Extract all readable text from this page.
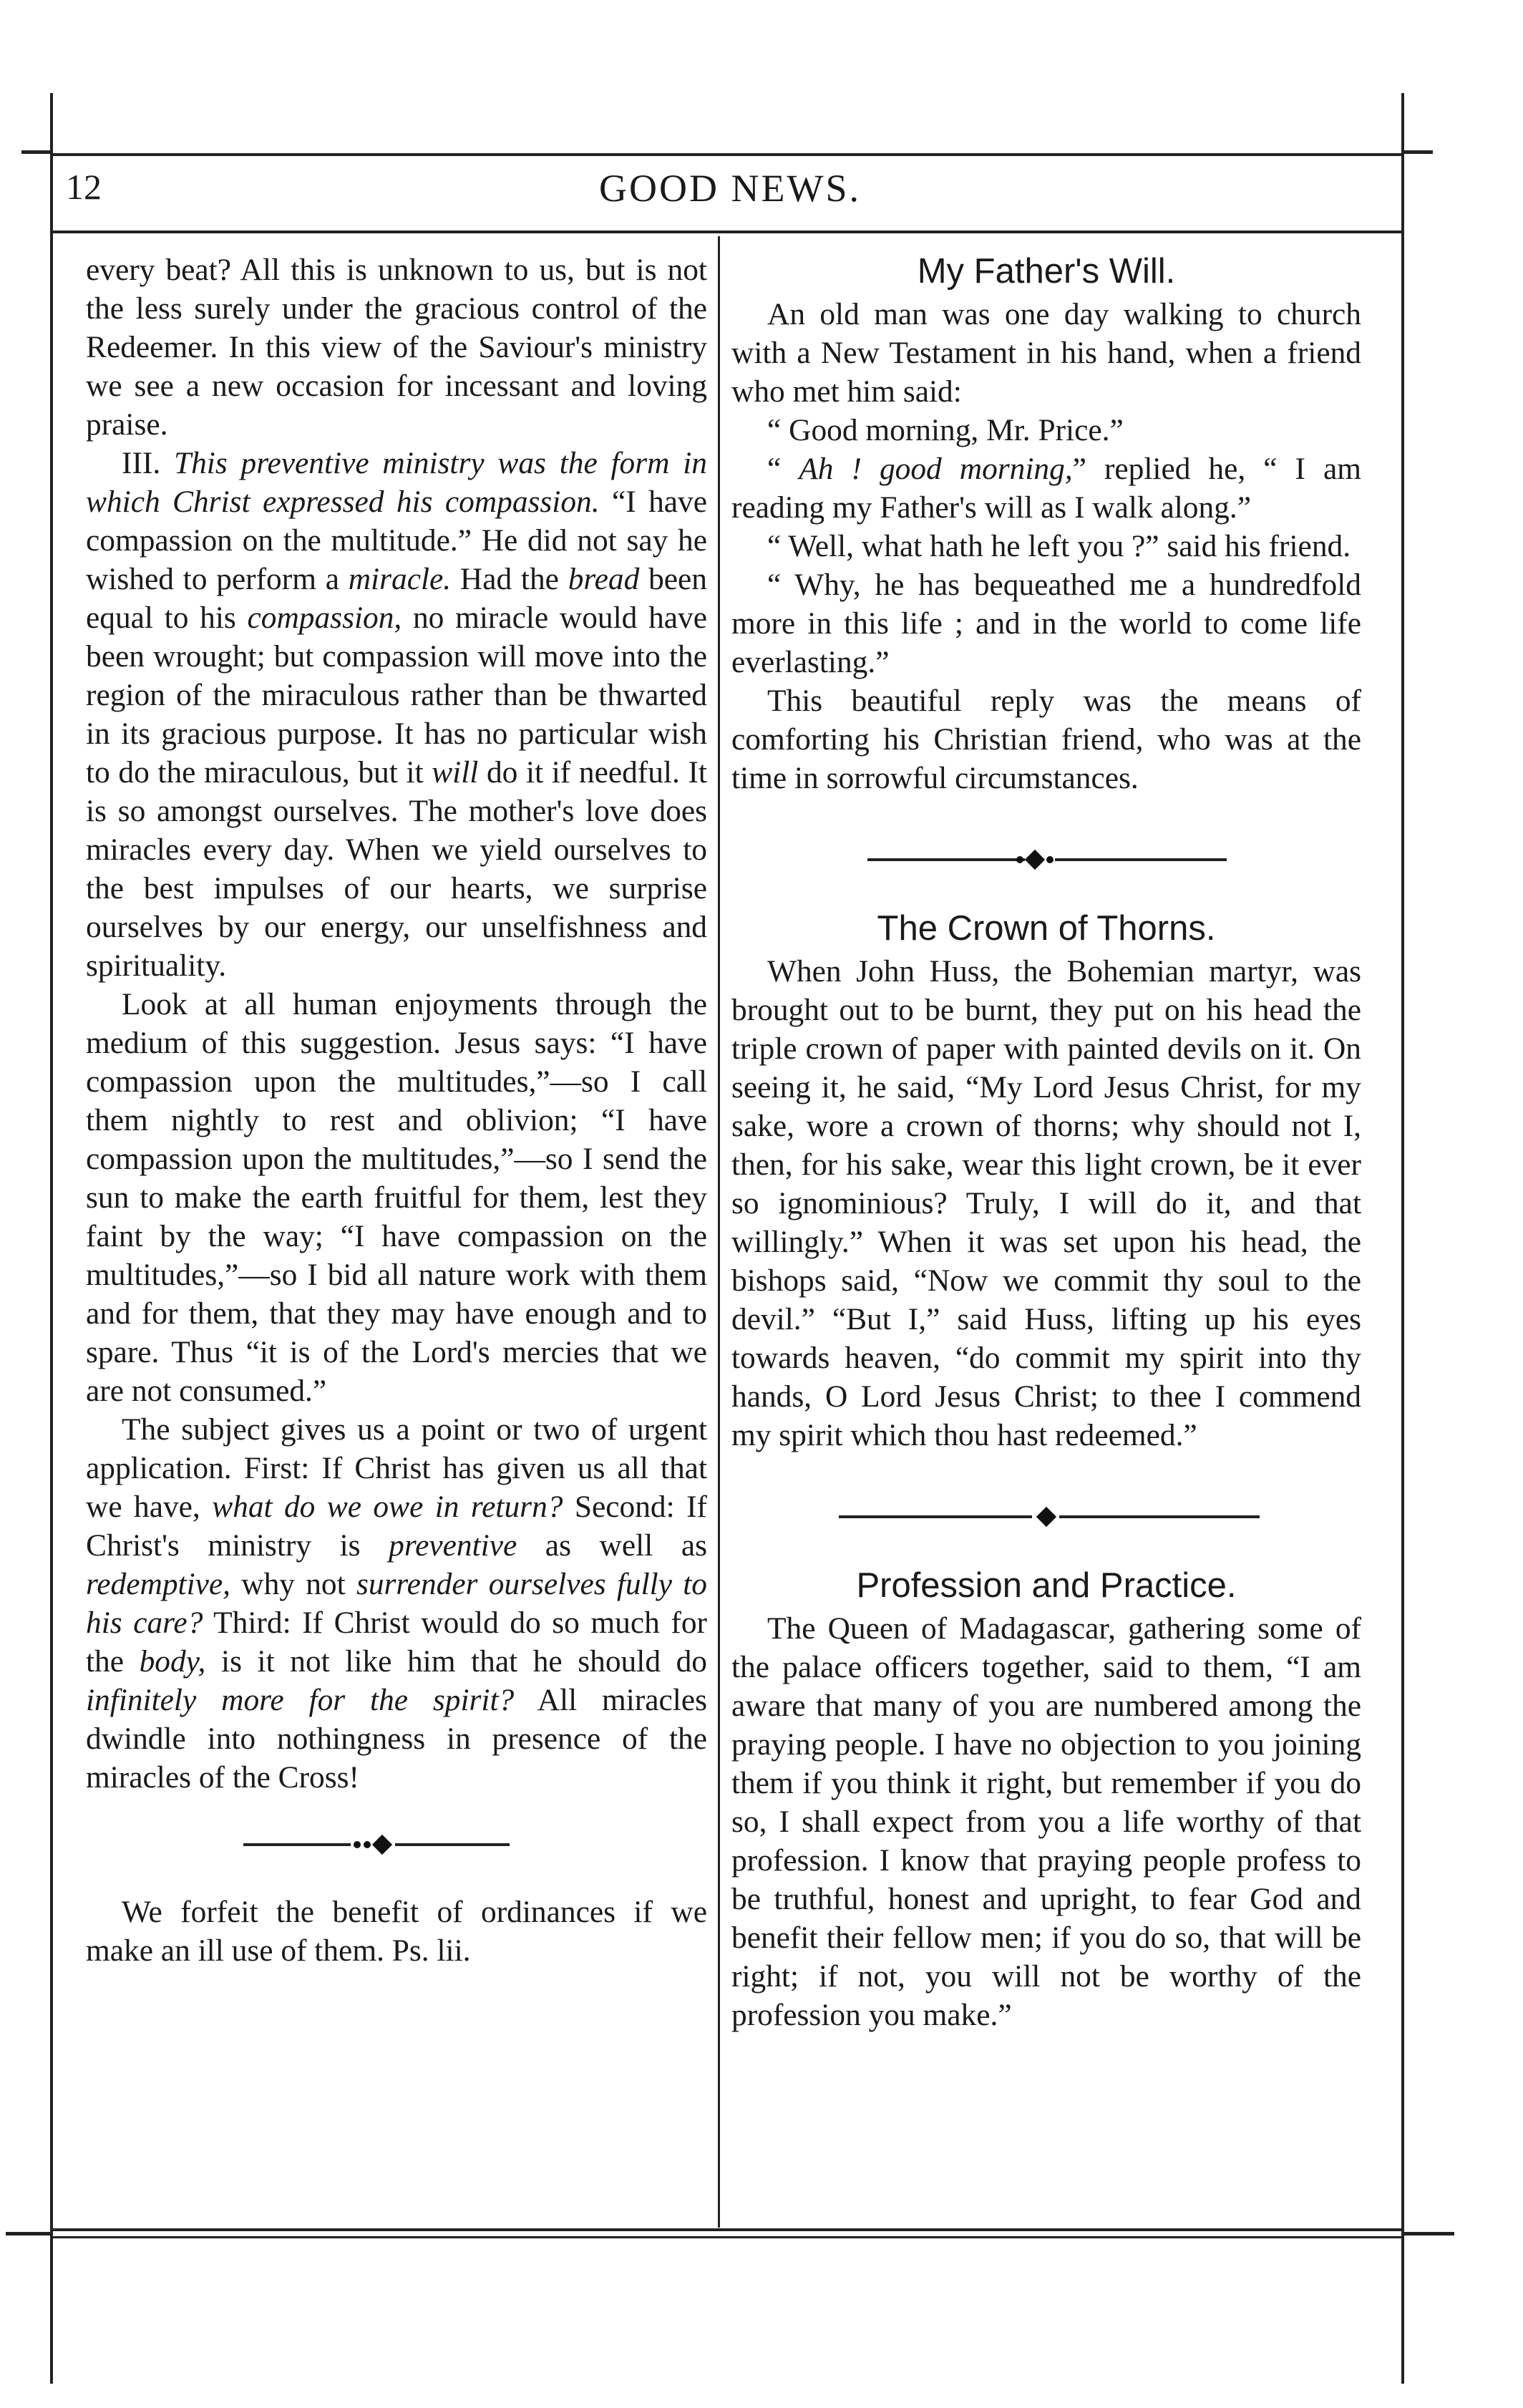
12	GOOD NEWS.

every beat? All this is unknown to us, but is not the less surely under the gracious control of the Redeemer. In this view of the Saviour's ministry we see a new occasion for incessant and loving praise.

III. This preventive ministry was the form in which Christ expressed his compassion. “I have compassion on the multitude.” He did not say he wished to perform a miracle. Had the bread been equal to his compassion, no miracle would have been wrought; but compassion will move into the region of the miraculous rather than be thwarted in its gracious purpose. It has no particular wish to do the miraculous, but it will do it if needful. It is so amongst ourselves. The mother's love does miracles every day. When we yield ourselves to the best impulses of our hearts, we surprise ourselves by our energy, our unselfishness and spirituality.

Look at all human enjoyments through the medium of this suggestion. Jesus says: “I have compassion upon the multitudes,”—so I call them nightly to rest and oblivion; “I have compassion upon the multitudes,”—so I send the sun to make the earth fruitful for them, lest they faint by the way; “I have compassion on the multitudes,”—so I bid all nature work with them and for them, that they may have enough and to spare. Thus “it is of the Lord's mercies that we are not consumed.”

The subject gives us a point or two of urgent application. First: If Christ has given us all that we have, what do we owe in return? Second: If Christ's ministry is preventive as well as redemptive, why not surrender ourselves fully to his care? Third: If Christ would do so much for the body, is it not like him that he should do infinitely more for the spirit? All miracles dwindle into nothingness in presence of the miracles of the Cross!

We forfeit the benefit of ordinances if we make an ill use of them. Ps. lii.

My Father's Will.

An old man was one day walking to church with a New Testament in his hand, when a friend who met him said:

“ Good morning, Mr. Price.”

“ Ah ! good morning,” replied he, “ I am reading my Father's will as I walk along.”

“ Well, what hath he left you ?” said his friend.

“ Why, he has bequeathed me a hundredfold more in this life ; and in the world to come life everlasting.”

This beautiful reply was the means of comforting his Christian friend, who was at the time in sorrowful circumstances.

The Crown of Thorns.

When John Huss, the Bohemian martyr, was brought out to be burnt, they put on his head the triple crown of paper with painted devils on it. On seeing it, he said, “My Lord Jesus Christ, for my sake, wore a crown of thorns; why should not I, then, for his sake, wear this light crown, be it ever so ignominious? Truly, I will do it, and that willingly.” When it was set upon his head, the bishops said, “Now we commit thy soul to the devil.” “But I,” said Huss, lifting up his eyes towards heaven, “do commit my spirit into thy hands, O Lord Jesus Christ; to thee I commend my spirit which thou hast redeemed.”

Profession and Practice.

The Queen of Madagascar, gathering some of the palace officers together, said to them, “I am aware that many of you are numbered among the praying people. I have no objection to you joining them if you think it right, but remember if you do so, I shall expect from you a life worthy of that profession. I know that praying people profess to be truthful, honest and upright, to fear God and benefit their fellow men; if you do so, that will be right; if not, you will not be worthy of the profession you make.”
